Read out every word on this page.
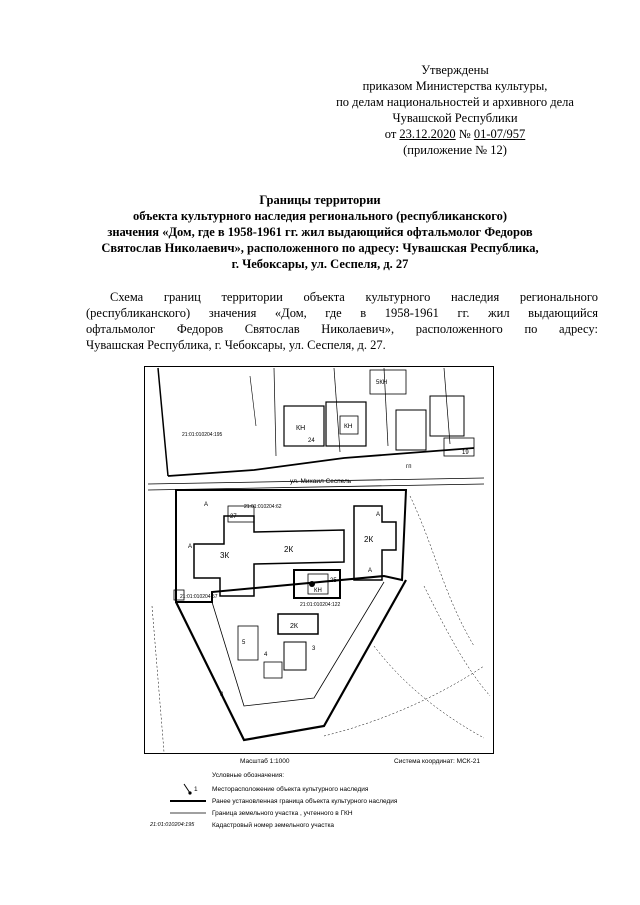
Утверждены
приказом Министерства культуры,
по делам национальностей и архивного дела
Чувашской Республики
от 23.12.2020 № 01-07/957
(приложение № 12)
Границы территории
объекта культурного наследия регионального (республиканского)
значения «Дом, где в 1958-1961 гг. жил выдающийся офтальмолог Федоров
Святослав Николаевич», расположенного по адресу: Чувашская Республика,
г. Чебоксары, ул. Сеспеля, д. 27
Схема границ территории объекта культурного наследия регионального
(республиканского) значения «Дом, где в 1958-1961 гг. жил выдающийся
офтальмолог Федоров Святослав Николаевич», расположенного по адресу:
Чувашская Республика, г. Чебоксары, ул. Сеспеля, д. 27.
5КН
КН
24
КН
21:01:010204:195
ул. Михаил Сеспель
27
3К
2К
2К
25
КН
2К
19
А
А
А
А
4
5
3
8
гп
21:01:010204:62
21:01:010204:122
21:01:010204:57
Масштаб 1:1000	Система координат: МСК-21
Условные обозначения:
1 Месторасположение объекта культурного наследия
Ранее установленная граница объекта культурного наследия
Граница земельного участка , учтенного в ГКН
21:01:010204:195	Кадастровый номер земельного участка
